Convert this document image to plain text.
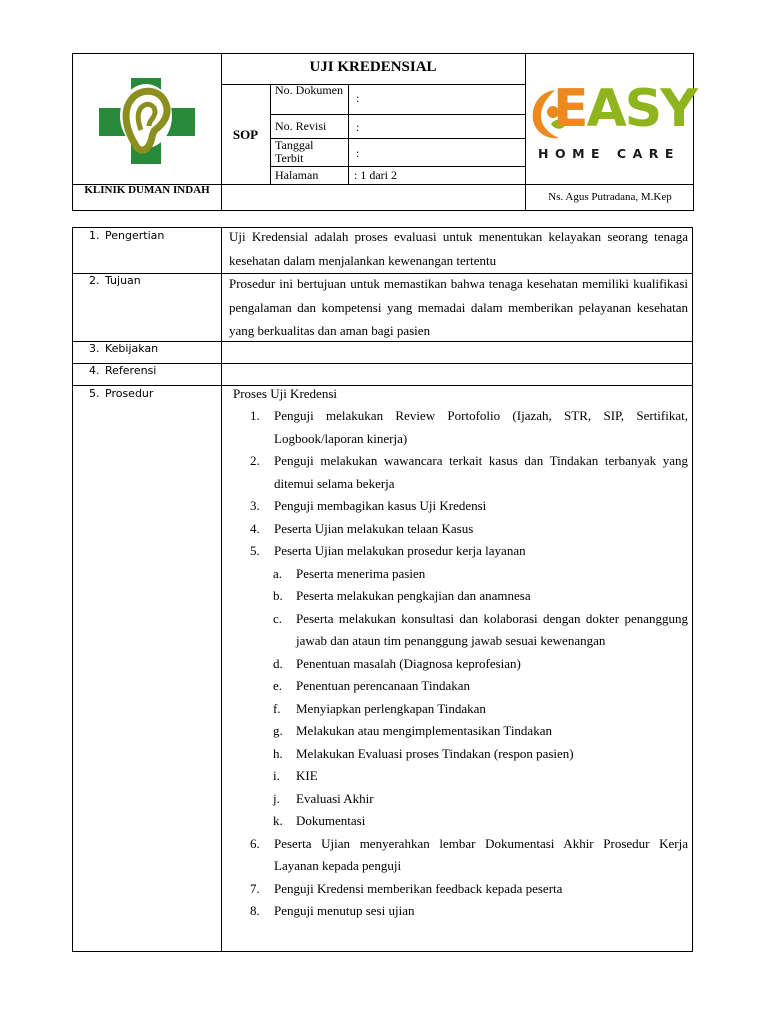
UJI KREDENSIAL
SOP
No. Dokumen
No. Revisi
Tanggal Terbit
Halaman
:
:
:
: 1 dari 2
KLINIK DUMAN INDAH
EASY
HOME CARE
Ns. Agus Putradana, M.Kep
1. Pengertian
2. Tujuan
3. Kebijakan
4. Referensi
5. Prosedur
Uji Kredensial adalah proses evaluasi untuk menentukan kelayakan seorang tenaga kesehatan dalam menjalankan kewenangan tertentu
Prosedur ini bertujuan untuk memastikan bahwa tenaga kesehatan memiliki kualifikasi pengalaman dan kompetensi yang memadai dalam memberikan pelayanan kesehatan yang berkualitas dan aman bagi pasien
Proses Uji Kredensi
1. Penguji melakukan Review Portofolio (Ijazah, STR, SIP, Sertifikat, Logbook/laporan kinerja)
2. Penguji melakukan wawancara terkait kasus dan Tindakan terbanyak yang ditemui selama bekerja
3. Penguji membagikan kasus Uji Kredensi
4. Peserta Ujian melakukan telaan Kasus
5. Peserta Ujian melakukan prosedur kerja layanan
a. Peserta menerima pasien
b. Peserta melakukan pengkajian dan anamnesa
c. Peserta melakukan konsultasi dan kolaborasi dengan dokter penanggung jawab dan ataun tim penanggung jawab sesuai kewenangan
d. Penentuan masalah (Diagnosa keprofesian)
e. Penentuan perencanaan Tindakan
f. Menyiapkan perlengkapan Tindakan
g. Melakukan atau mengimplementasikan Tindakan
h. Melakukan Evaluasi proses Tindakan (respon pasien)
i. KIE
j. Evaluasi Akhir
k. Dokumentasi
6. Peserta Ujian menyerahkan lembar Dokumentasi Akhir Prosedur Kerja Layanan kepada penguji
7. Penguji Kredensi memberikan feedback kepada peserta
8. Penguji menutup sesi ujian
